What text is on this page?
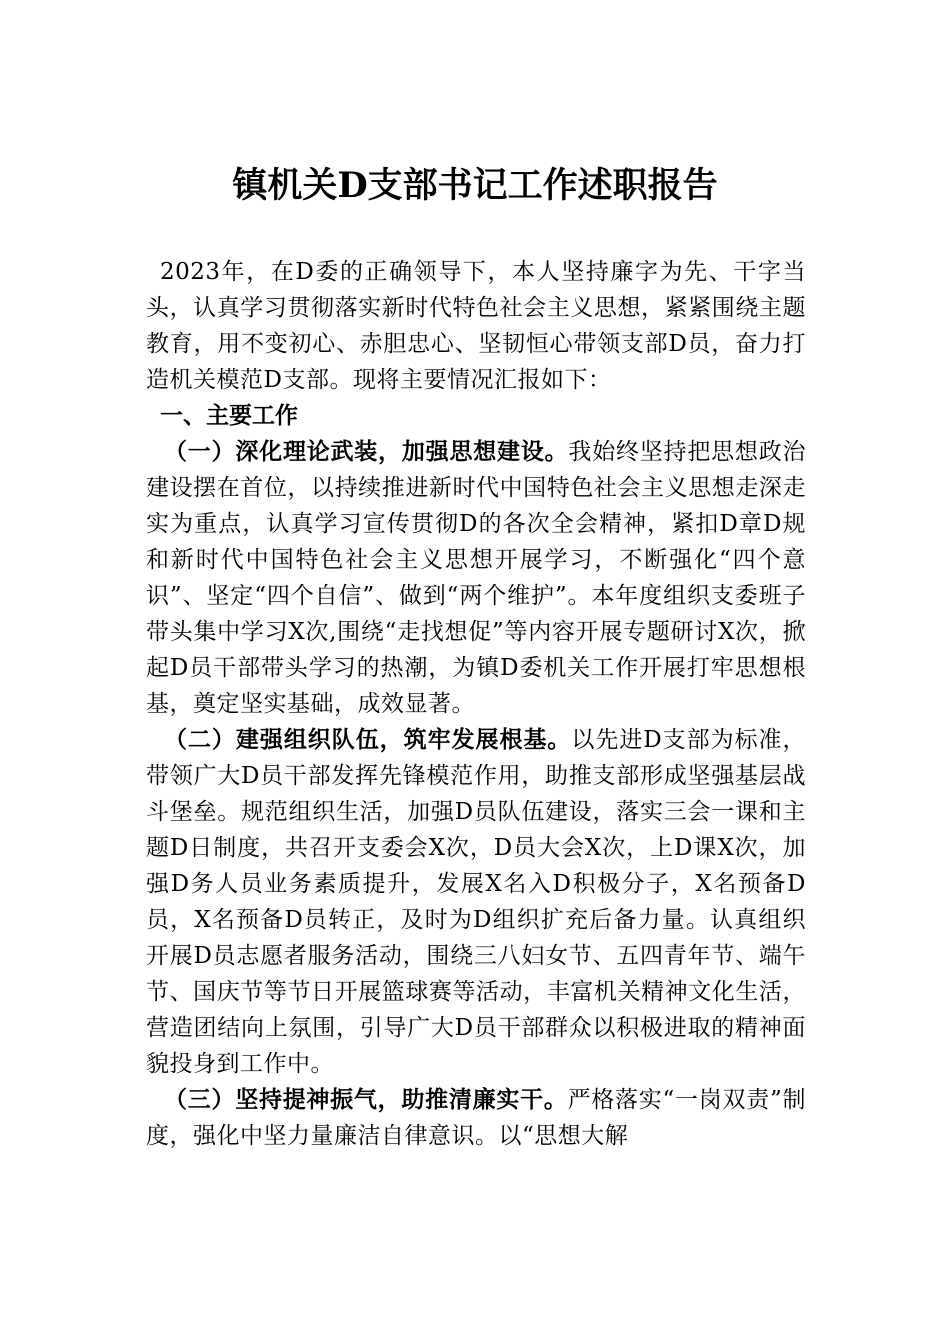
镇机关D支部书记工作述职报告

2023年，在D委的正确领导下，本人坚持廉字为先、干字当头，认真学习贯彻落实新时代特色社会主义思想，紧紧围绕主题教育，用不变初心、赤胆忠心、坚韧恒心带领支部D员，奋力打造机关模范D支部。现将主要情况汇报如下：

一、主要工作

（一）深化理论武装，加强思想建设。我始终坚持把思想政治建设摆在首位，以持续推进新时代中国特色社会主义思想走深走实为重点，认真学习宣传贯彻D的各次全会精神，紧扣D章D规和新时代中国特色社会主义思想开展学习，不断强化“四个意识”、坚定“四个自信”、做到“两个维护”。本年度组织支委班子带头集中学习X次,围绕“走找想促”等内容开展专题研讨X次，掀起D员干部带头学习的热潮，为镇D委机关工作开展打牢思想根基，奠定坚实基础，成效显著。

（二）建强组织队伍，筑牢发展根基。以先进D支部为标准，带领广大D员干部发挥先锋模范作用，助推支部形成坚强基层战斗堡垒。规范组织生活，加强D员队伍建设，落实三会一课和主题D日制度，共召开支委会X次，D员大会X次，上D课X次，加强D务人员业务素质提升，发展X名入D积极分子，X名预备D员，X名预备D员转正，及时为D组织扩充后备力量。认真组织开展D员志愿者服务活动，围绕三八妇女节、五四青年节、端午节、国庆节等节日开展篮球赛等活动，丰富机关精神文化生活，营造团结向上氛围，引导广大D员干部群众以积极进取的精神面貌投身到工作中。

（三）坚持提神振气，助推清廉实干。严格落实“一岗双责”制度，强化中坚力量廉洁自律意识。以“思想大解
